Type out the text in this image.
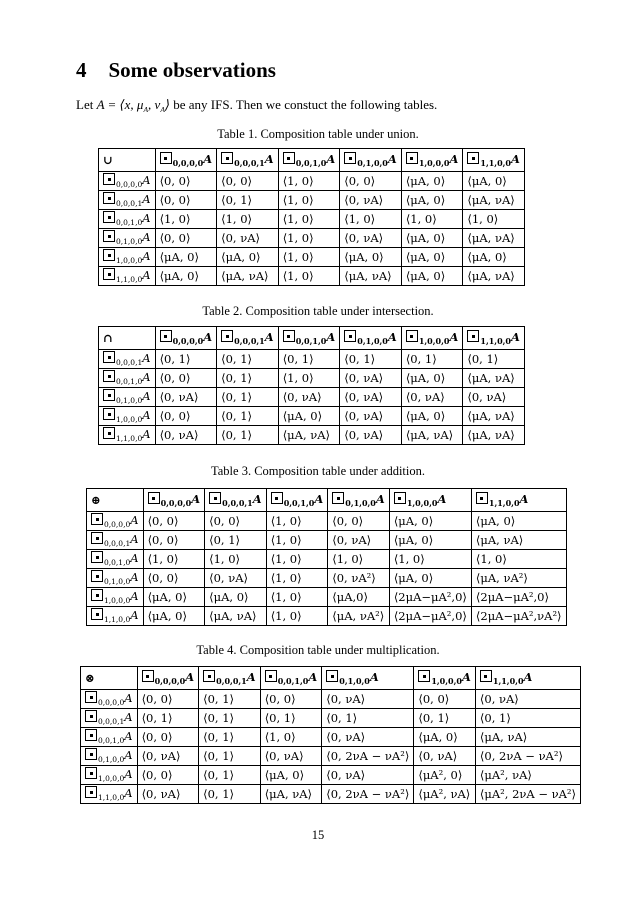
4 Some observations
Let A = ⟨x, $\mu_A$, $\nu_A⟩$ be any IFS. Then we constuct the following tables.
Table 1. Composition table under union.
∪	$_{0,0,0,0}$A	$_{0,0,0,1}$A	$_{0,0,1,0}$A	$_{0,1,0,0}$A	$_{1,0,0,0}$A	$_{1,1,0,0}$A
$_{0,0,0,0}$A	⟨0, 0⟩	⟨0, 0⟩	⟨1, 0⟩	⟨0, 0⟩	⟨μA, 0⟩	⟨μA, 0⟩
$_{0,0,0,1}$A	⟨0, 0⟩	⟨0, 1⟩	⟨1, 0⟩	⟨0, νA⟩	⟨μA, 0⟩	⟨μA, νA⟩
$_{0,0,1,0}$A	⟨1, 0⟩	⟨1, 0⟩	⟨1, 0⟩	⟨1, 0⟩	⟨1, 0⟩	⟨1, 0⟩
$_{0,1,0,0}$A	⟨0, 0⟩	⟨0, νA⟩	⟨1, 0⟩	⟨0, νA⟩	⟨μA, 0⟩	⟨μA, νA⟩
$_{1,0,0,0}$A	⟨μA, 0⟩	⟨μA, 0⟩	⟨1, 0⟩	⟨μA, 0⟩	⟨μA, 0⟩	⟨μA, 0⟩
$_{1,1,0,0}$A	⟨μA, 0⟩	⟨μA, νA⟩	⟨1, 0⟩	⟨μA, νA⟩	⟨μA, 0⟩	⟨μA, νA⟩
Table 2. Composition table under intersection.
∩	$_{0,0,0,0}$A	$_{0,0,0,1}$A	$_{0,0,1,0}$A	$_{0,1,0,0}$A	$_{1,0,0,0}$A	$_{1,1,0,0}$A
$_{0,0,0,1}$A	⟨0, 1⟩	⟨0, 1⟩	⟨0, 1⟩	⟨0, 1⟩	⟨0, 1⟩	⟨0, 1⟩
$_{0,0,1,0}$A	⟨0, 0⟩	⟨0, 1⟩	⟨1, 0⟩	⟨0, νA⟩	⟨μA, 0⟩	⟨μA, νA⟩
$_{0,1,0,0}$A	⟨0, νA⟩	⟨0, 1⟩	⟨0, νA⟩	⟨0, νA⟩	⟨0, νA⟩	⟨0, νA⟩
$_{1,0,0,0}$A	⟨0, 0⟩	⟨0, 1⟩	⟨μA, 0⟩	⟨0, νA⟩	⟨μA, 0⟩	⟨μA, νA⟩
$_{1,1,0,0}$A	⟨0, νA⟩	⟨0, 1⟩	⟨μA, νA⟩	⟨0, νA⟩	⟨μA, νA⟩	⟨μA, νA⟩
Table 3. Composition table under addition.
⊕	$_{0,0,0,0}$A	$_{0,0,0,1}$A	$_{0,0,1,0}$A	$_{0,1,0,0}$A	$_{1,0,0,0}$A	$_{1,1,0,0}$A
$_{0,0,0,0}$A	⟨0, 0⟩	⟨0, 0⟩	⟨1, 0⟩	⟨0, 0⟩	⟨μA, 0⟩	⟨μA, 0⟩
$_{0,0,0,1}$A	⟨0, 0⟩	⟨0, 1⟩	⟨1, 0⟩	⟨0, νA⟩	⟨μA, 0⟩	⟨μA, νA⟩
$_{0,0,1,0}$A	⟨1, 0⟩	⟨1, 0⟩	⟨1, 0⟩	⟨1, 0⟩	⟨1, 0⟩	⟨1, 0⟩
$_{0,1,0,0}$A	⟨0, 0⟩	⟨0, νA⟩	⟨1, 0⟩	⟨0, νA²⟩	⟨μA, 0⟩	⟨μA, νA²⟩
$_{1,0,0,0}$A	⟨μA, 0⟩	⟨μA, 0⟩	⟨1, 0⟩	⟨μA,0⟩	⟨2μA−μA²,0⟩	⟨2μA−μA²,0⟩
$_{1,1,0,0}$A	⟨μA, 0⟩	⟨μA, νA⟩	⟨1, 0⟩	⟨μA, νA²⟩	⟨2μA−μA²,0⟩	⟨2μA−μA²,νA²⟩
Table 4. Composition table under multiplication.
⊗	$_{0,0,0,0}$A	$_{0,0,0,1}$A	$_{0,0,1,0}$A	$_{0,1,0,0}$A	$_{1,0,0,0}$A	$_{1,1,0,0}$A
$_{0,0,0,0}$A	⟨0, 0⟩	⟨0, 1⟩	⟨0, 0⟩	⟨0, νA⟩	⟨0, 0⟩	⟨0, νA⟩
$_{0,0,0,1}$A	⟨0, 1⟩	⟨0, 1⟩	⟨0, 1⟩	⟨0, 1⟩	⟨0, 1⟩	⟨0, 1⟩
$_{0,0,1,0}$A	⟨0, 0⟩	⟨0, 1⟩	⟨1, 0⟩	⟨0, νA⟩	⟨μA, 0⟩	⟨μA, νA⟩
$_{0,1,0,0}$A	⟨0, νA⟩	⟨0, 1⟩	⟨0, νA⟩	⟨0, 2νA − νA²⟩	⟨0, νA⟩	⟨0, 2νA − νA²⟩
$_{1,0,0,0}$A	⟨0, 0⟩	⟨0, 1⟩	⟨μA, 0⟩	⟨0, νA⟩	⟨μA², 0⟩	⟨μA², νA⟩
$_{1,1,0,0}$A	⟨0, νA⟩	⟨0, 1⟩	⟨μA, νA⟩	⟨0, 2νA − νA²⟩	⟨μA², νA⟩	⟨μA², 2νA − νA²⟩
15
